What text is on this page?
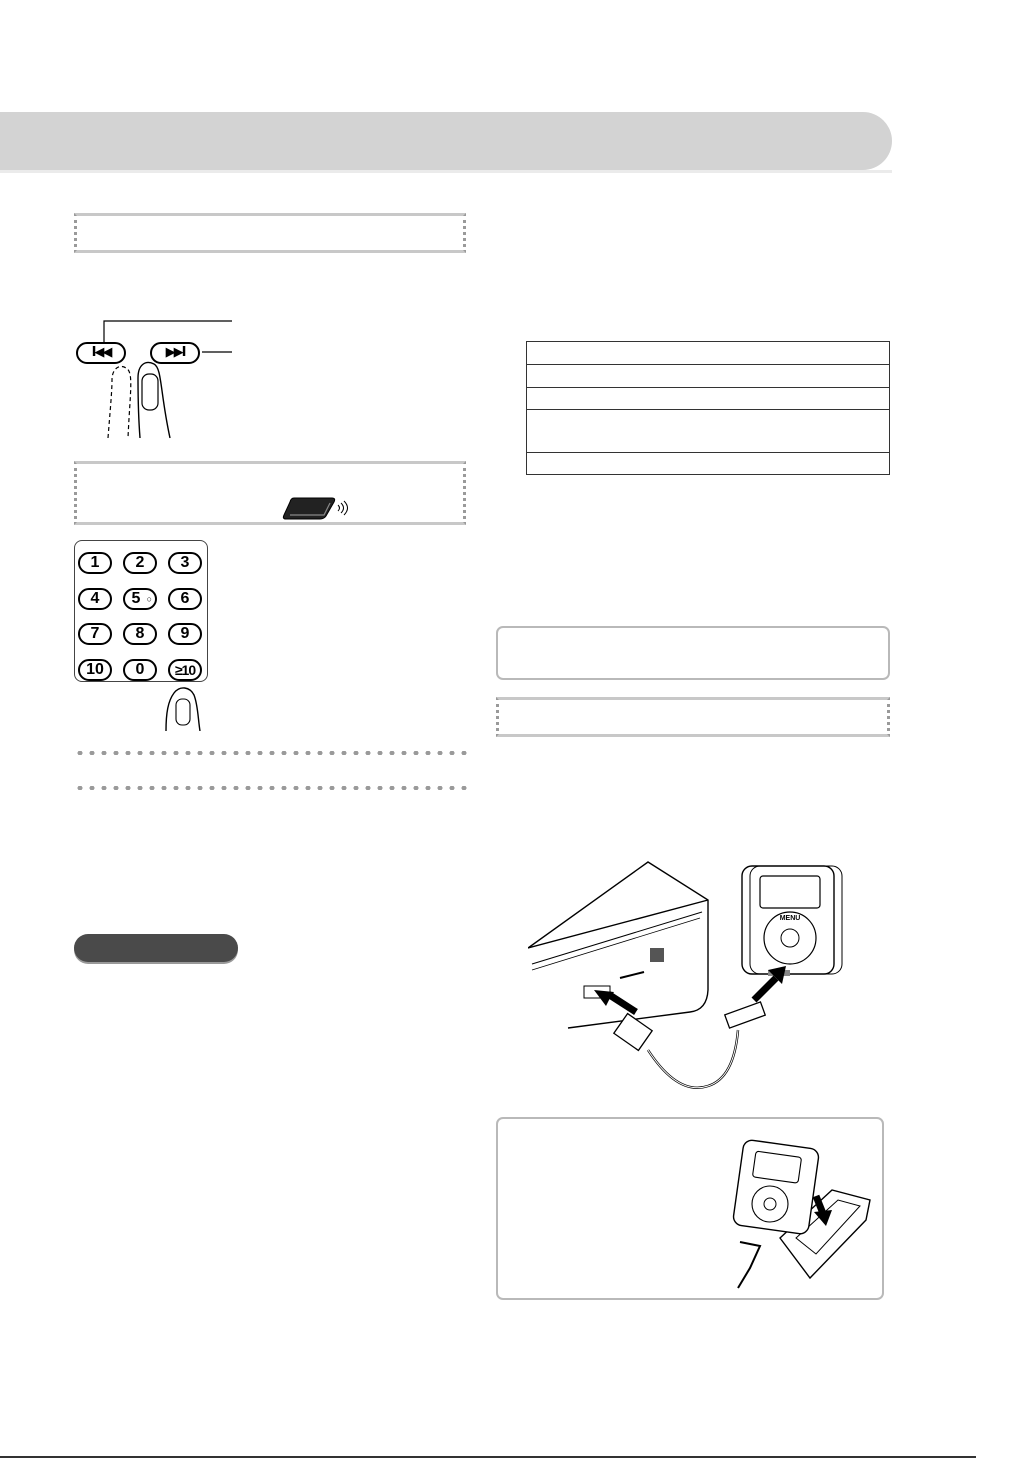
I◀◀	▶▶I
1	2	3
4	5 ○	6
7	8	9
10	0	≥10

MENU
